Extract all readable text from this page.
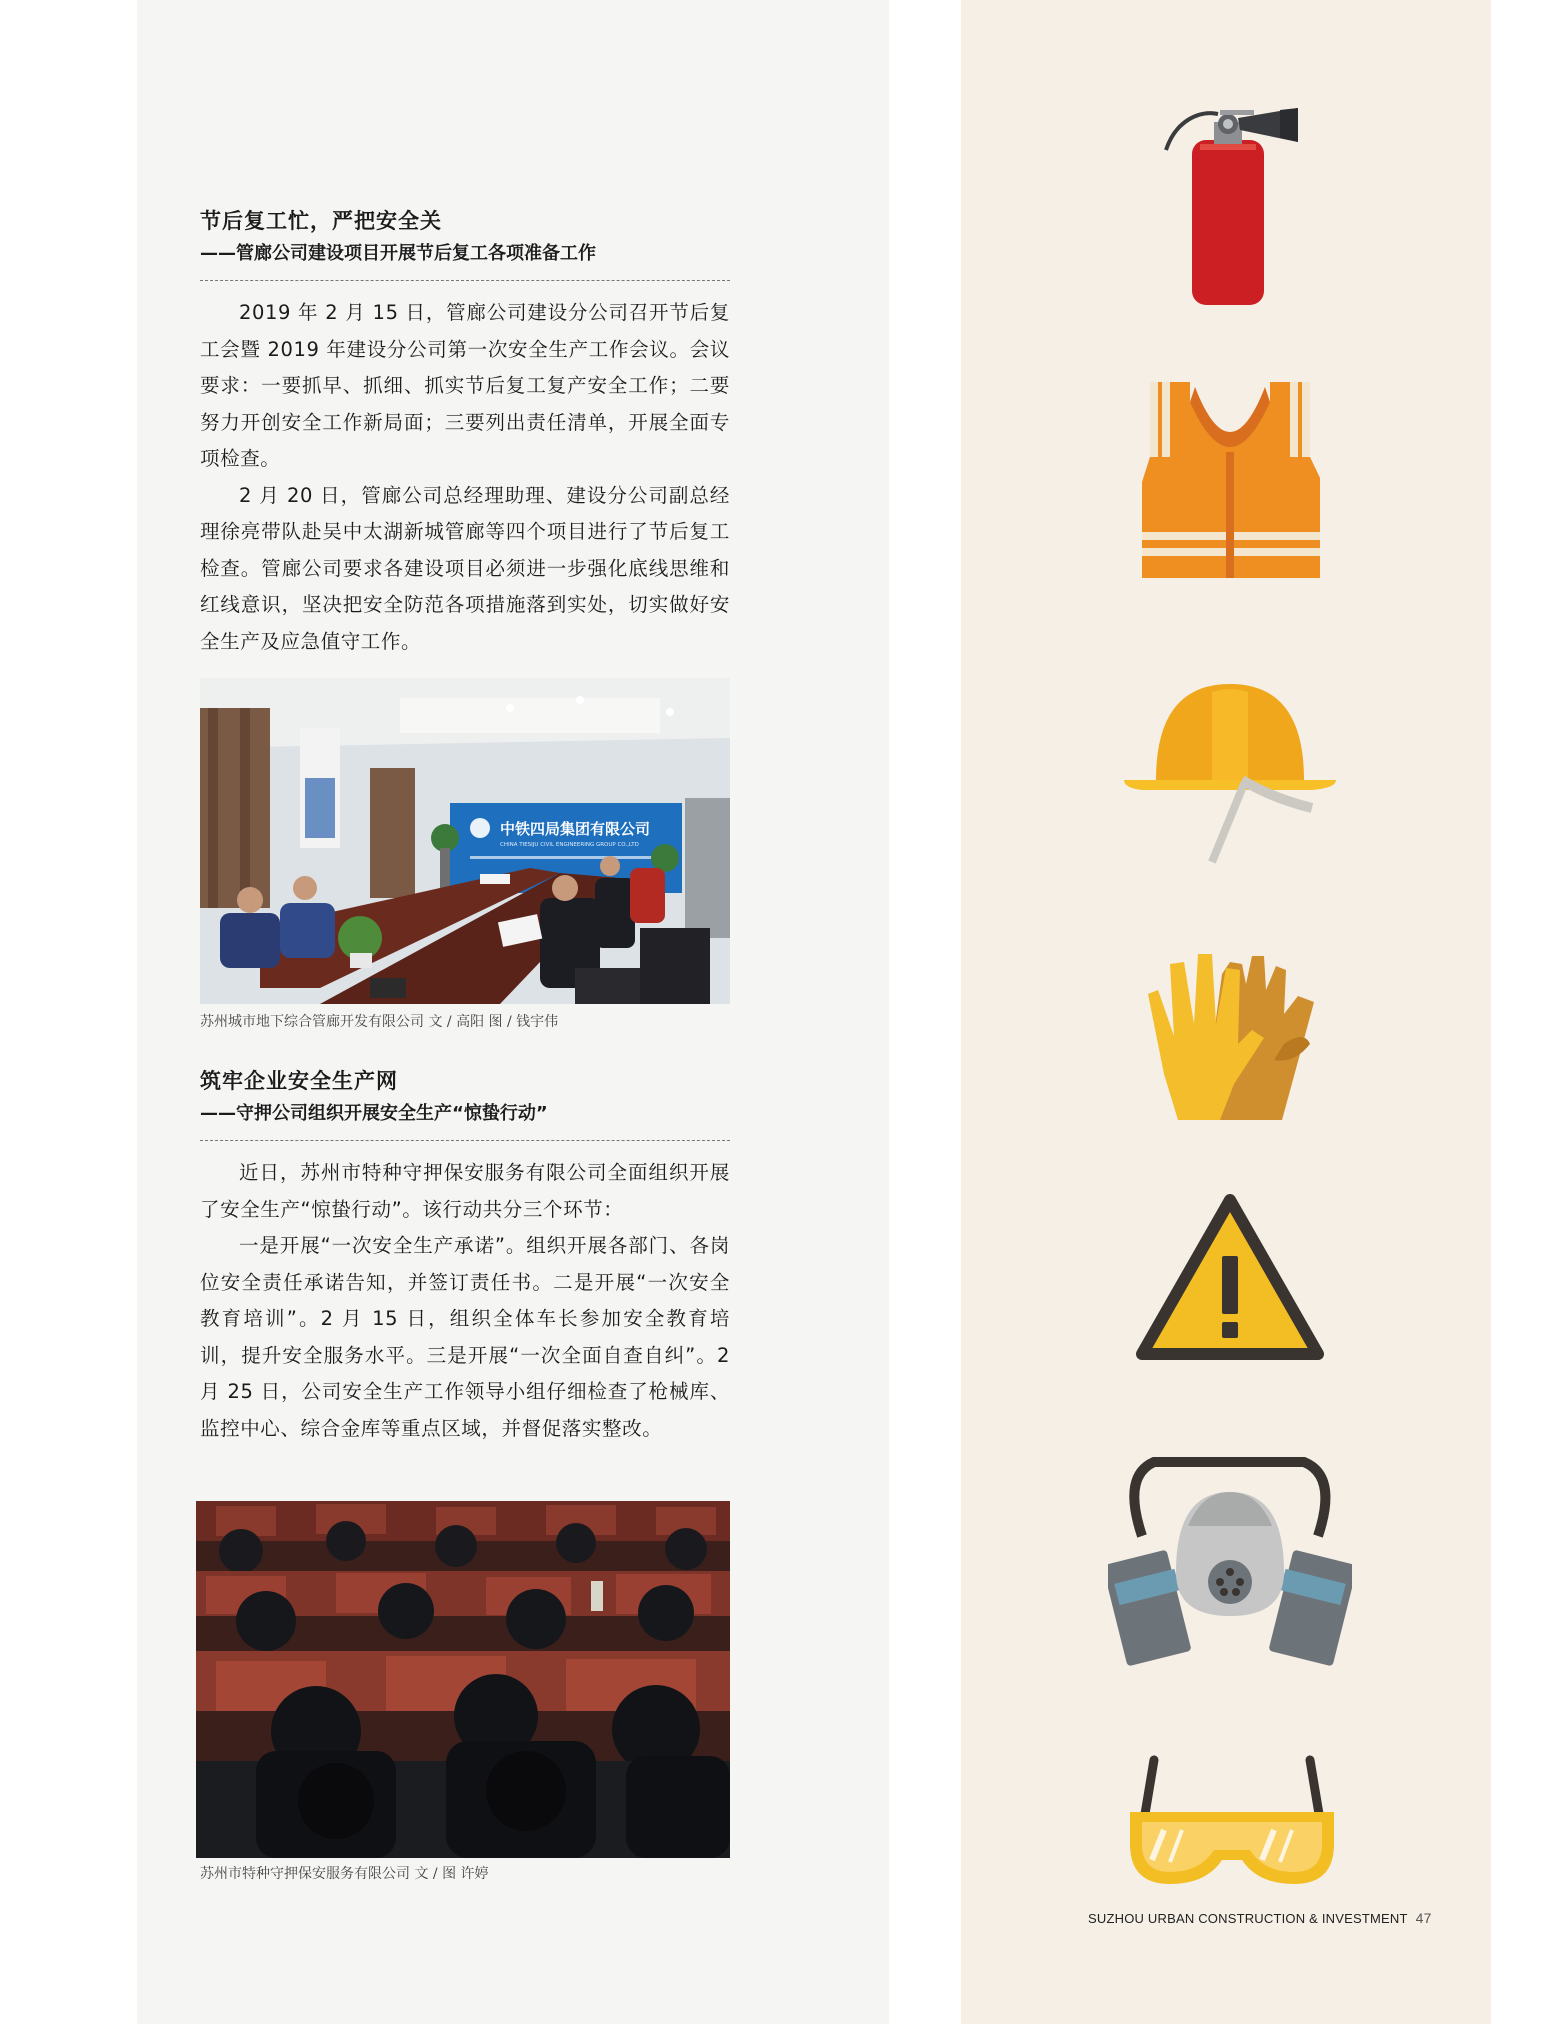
节后复工忙，严把安全关

——管廊公司建设项目开展节后复工各项准备工作

2019 年 2 月 15 日，管廊公司建设分公司召开节后复工会暨 2019 年建设分公司第一次安全生产工作会议。会议要求：一要抓早、抓细、抓实节后复工复产安全工作；二要努力开创安全工作新局面；三要列出责任清单，开展全面专项检查。

2 月 20 日，管廊公司总经理助理、建设分公司副总经理徐亮带队赴吴中太湖新城管廊等四个项目进行了节后复工检查。管廊公司要求各建设项目必须进一步强化底线思维和红线意识，坚决把安全防范各项措施落到实处，切实做好安全生产及应急值守工作。

中铁四局集团有限公司
CHINA TIESIJU CIVIL ENGINEERING GROUP CO.,LTD
苏州城市地下综合管廊开发有限公司 文 / 高阳 图 / 钱宇伟

筑牢企业安全生产网

——守押公司组织开展安全生产“惊蛰行动”

近日，苏州市特种守押保安服务有限公司全面组织开展了安全生产“惊蛰行动”。该行动共分三个环节：

一是开展“一次安全生产承诺”。组织开展各部门、各岗位安全责任承诺告知，并签订责任书。二是开展“一次安全教育培训”。2 月 15 日，组织全体车长参加安全教育培训，提升安全服务水平。三是开展“一次全面自查自纠”。2 月 25 日，公司安全生产工作领导小组仔细检查了枪械库、监控中心、综合金库等重点区域，并督促落实整改。

苏州市特种守押保安服务有限公司 文 / 图 许婷
SUZHOU URBAN CONSTRUCTION & INVESTMENT 47
